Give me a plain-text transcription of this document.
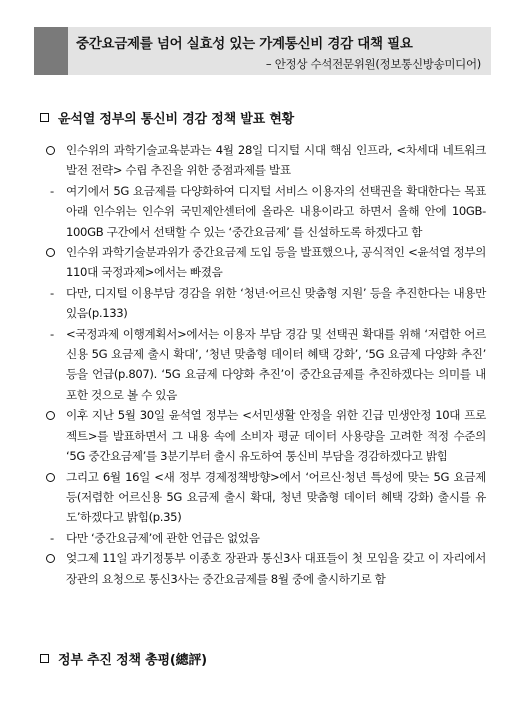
중간요금제를 넘어 실효성 있는 가계통신비 경감 대책 필요
– 안정상 수석전문위원(정보통신방송미디어)
윤석열 정부의 통신비 경감 정책 발표 현황
인수위의 과학기술교육분과는 4월 28일 디지털 시대 핵심 인프라, <차세대 네트워크 발전 전략> 수립 추진을 위한 중점과제를 발표
- 여기에서 5G 요금제를 다양화하여 디지털 서비스 이용자의 선택권을 확대한다는 목표 아래 인수위는 인수위 국민제안센터에 올라온 내용이라고 하면서 올해 안에 10GB-100GB 구간에서 선택할 수 있는 ‘중간요금제’ 를 신설하도록 하겠다고 함
인수위 과학기술분과위가 중간요금제 도입 등을 발표했으나, 공식적인 <윤석열 정부의 110대 국정과제>에서는 빠졌음
- 다만, 디지털 이용부담 경감을 위한 ‘청년·어르신 맞춤형 지원’ 등을 추진한다는 내용만 있음(p.133)
- <국정과제 이행계획서>에서는 이용자 부담 경감 및 선택권 확대를 위해 ‘저렴한 어르신용 5G 요금제 출시 확대’, ‘청년 맞춤형 데이터 혜택 강화’, ‘5G 요금제 다양화 추진’ 등을 언급(p.807). ‘5G 요금제 다양화 추진’이 중간요금제를 추진하겠다는 의미를 내포한 것으로 볼 수 있음
이후 지난 5월 30일 윤석열 정부는 <서민생활 안정을 위한 긴급 민생안정 10대 프로젝트>를 발표하면서 그 내용 속에 소비자 평균 데이터 사용량을 고려한 적정 수준의 ‘5G 중간요금제’를 3분기부터 출시 유도하여 통신비 부담을 경감하겠다고 밝힘
그리고 6월 16일 <새 정부 경제정책방향>에서 ‘어르신·청년 특성에 맞는 5G 요금제 등(저렴한 어르신용 5G 요금제 출시 확대, 청년 맞춤형 데이터 혜택 강화) 출시를 유도’하겠다고 밝힘(p.35)
- 다만 ‘중간요금제’에 관한 언급은 없었음
엊그제 11일 과기정통부 이종호 장관과 통신3사 대표들이 첫 모임을 갖고 이 자리에서 장관의 요청으로 통신3사는 중간요금제를 8월 중에 출시하기로 함
정부 추진 정책 총평(總評)
